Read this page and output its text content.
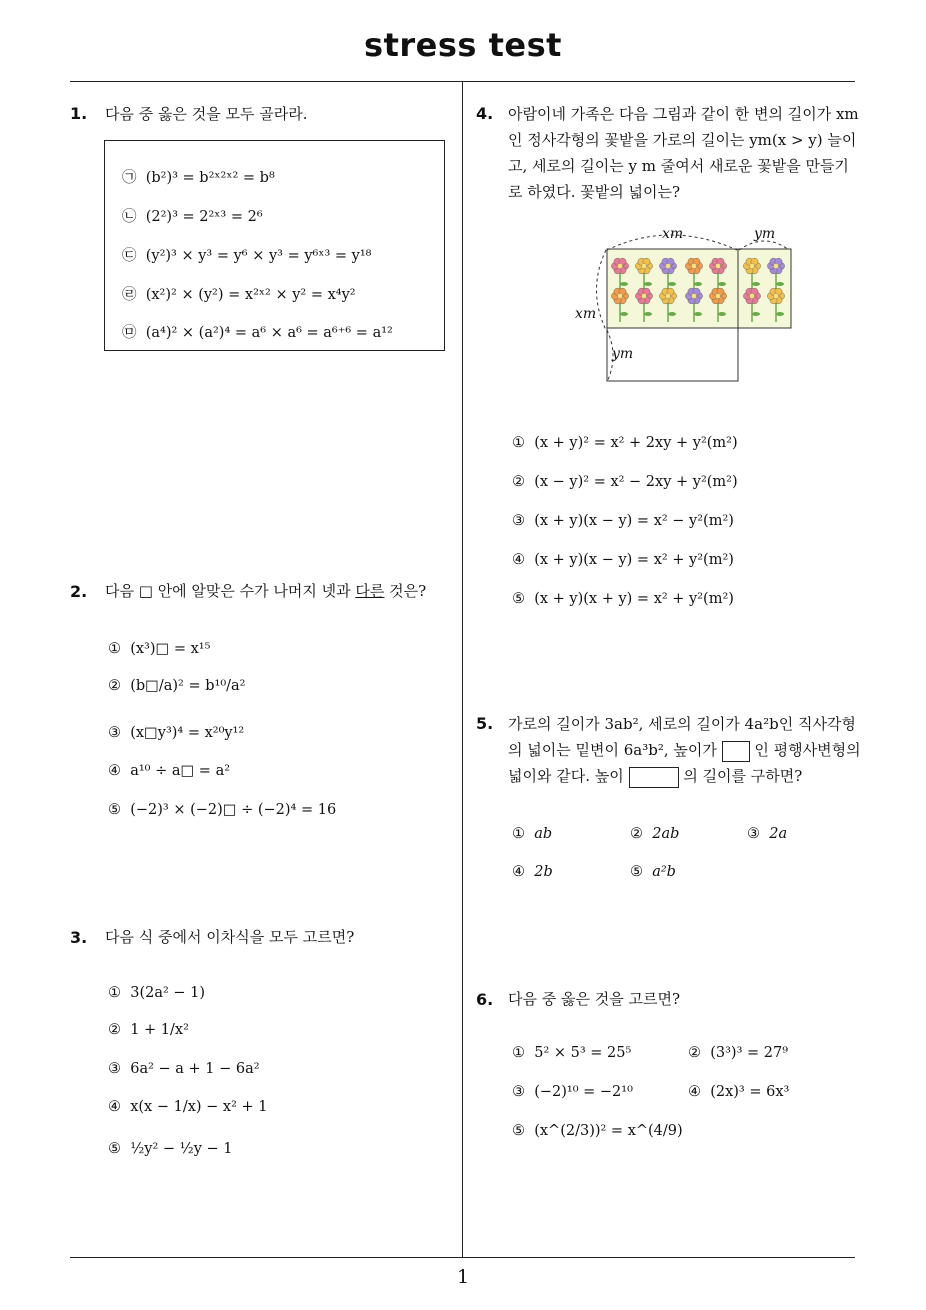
stress test
1
1. 다음 중 옳은 것을 모두 골라라.
㉠ (b²)³ = b²ˣ²ˣ² = b⁸
㉡ (2²)³ = 2²ˣ³ = 2⁶
㉢ (y²)³ × y³ = y⁶ × y³ = y⁶ˣ³ = y¹⁸
㉣ (x²)² × (y²) = x²ˣ² × y² = x⁴y²
㉤ (a⁴)² × (a²)⁴ = a⁶ × a⁶ = a⁶⁺⁶ = a¹²
2. 다음 □ 안에 알맞은 수가 나머지 넷과 다른 것은?
① (x³)□ = x¹⁵
② (b□/a)² = b¹⁰/a²
③ (x□y³)⁴ = x²⁰y¹²
④ a¹⁰ ÷ a□ = a²
⑤ (−2)³ × (−2)□ ÷ (−2)⁴ = 16
3. 다음 식 중에서 이차식을 모두 고르면?
① 3(2a² − 1)
② 1 + 1/x²
③ 6a² − a + 1 − 6a²
④ x(x − 1/x) − x² + 1
⑤ ½y² − ½y − 1
4. 아람이네 가족은 다음 그림과 같이 한 변의 길이가 xm인 정사각형의 꽃밭을 가로의 길이는 ym(x > y) 늘이고, 세로의 길이는 y m 줄여서 새로운 꽃밭을 만들기로 하였다. 꽃밭의 넓이는?
xm	ym
xm
ym
① (x + y)² = x² + 2xy + y²(m²)
② (x − y)² = x² − 2xy + y²(m²)
③ (x + y)(x − y) = x² − y²(m²)
④ (x + y)(x − y) = x² + y²(m²)
⑤ (x + y)(x + y) = x² + y²(m²)
5. 가로의 길이가 3ab², 세로의 길이가 4a²b인 직사각형
의 넓이는 밑변이 6a³b², 높이가	인 평행사변형의
넓이와 같다. 높이	의 길이를 구하면?
① ab	② 2ab	③ 2a
④ 2b	⑤ a²b
6. 다음 중 옳은 것을 고르면?
① 5² × 5³ = 25⁵	② (3³)³ = 27⁹
③ (−2)¹⁰ = −2¹⁰	④ (2x)³ = 6x³
⑤ (x^(2/3))² = x^(4/9)
